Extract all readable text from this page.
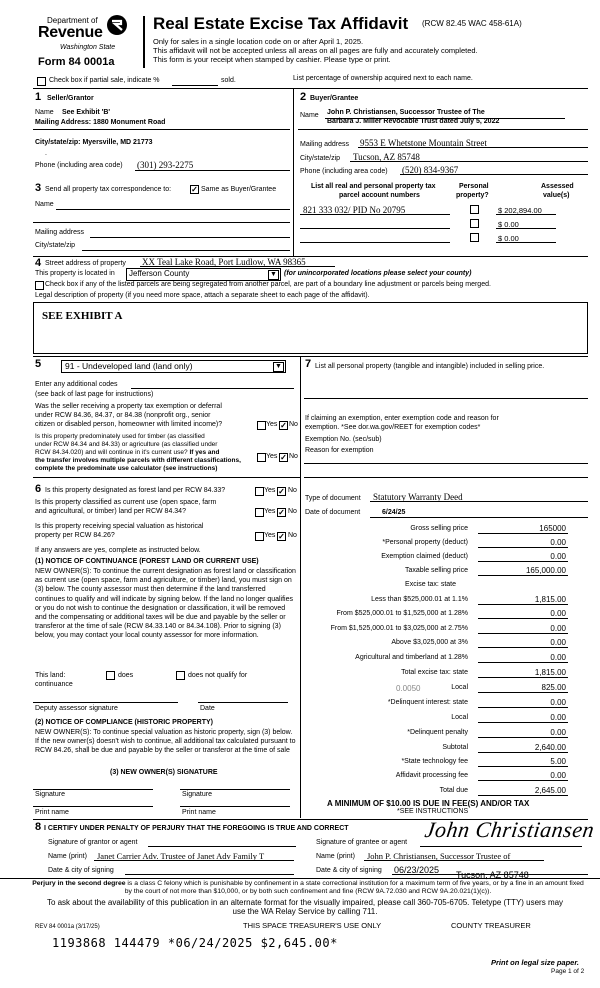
Department of
Revenue
Washington State
Form 84 0001a
Real Estate Excise Tax Affidavit (RCW 82.45 WAC 458-61A)
Only for sales in a single location code on or after April 1, 2025.
This affidavit will not be accepted unless all areas on all pages are fully and accurately completed.
This form is your receipt when stamped by cashier. Please type or print.
Check box if partial sale, indicate %	sold.	List percentage of ownership acquired next to each name.
1 Seller/Grantor
Name See Exhibit 'B'
Mailing Address: 1880 Monument Road
City/state/zip: Myersville, MD 21773
.
Phone (including area code) (301) 293-2275
2 Buyer/Grantee
Name John P. Christiansen, Successor Trustee of The
Barbara J. Miller Revocable Trust dated July 5, 2022
Mailing address 9553 E Whetstone Mountain Street
City/state/zip Tucson, AZ 85748
Phone (including area code) (520) 834-9367
3 Send all property tax correspondence to:	✓ Same as Buyer/Grantee
Name
Mailing address
City/state/zip
List all real and personal property tax
parcel account numbers
Personal
property?
Assessed
value(s)
821 333 032/ PID No 20795	$ 202,894.00
$ 0.00
$ 0.00
4 Street address of property XX Teal Lake Road, Port Ludlow, WA 98365
This property is located in Jefferson County	▼ (for unincorporated locations please select your county)
Check box if any of the listed parcels are being segregated from another parcel, are part of a boundary line adjustment or parcels being merged.
Legal description of property (if you need more space, attach a separate sheet to each page of the affidavit).
SEE EXHIBIT A
5	91 - Undeveloped land (land only)	▼
Enter any additional codes
(see back of last page for instructions)
Was the seller receiving a property tax exemption or deferral
under RCW 84.36, 84.37, or 84.38 (nonprofit org., senior
citizen or disabled person, homeowner with limited income)?	Yes ✓ No
Is this property predominately used for timber (as classified
under RCW 84.34 and 84.33) or agriculture (as classified under
RCW 84.34.020) and will continue in it's current use? If yes and
the transfer involves multiple parcels with different classifications,
complete the predominate use calculator (see instructions)
Yes ✓ No
6 Is this property designated as forest land per RCW 84.33?	Yes ✓ No
Is this property classified as current use (open space, farm
and agricultural, or timber) land per RCW 84.34?	Yes ✓ No
Is this property receiving special valuation as historical
property per RCW 84.26?	Yes ✓ No
If any answers are yes, complete as instructed below.
(1) NOTICE OF CONTINUANCE (FOREST LAND OR CURRENT USE)
NEW OWNER(S): To continue the current designation as forest land or classification as current use (open space, farm and agriculture, or timber) land, you must sign on (3) below. The county assessor must then determine if the land transferred continues to qualify and will indicate by signing below. If the land no longer qualifies or you do not wish to continue the designation or classification, it will be removed and the compensating or additional taxes will be due and payable by the seller or transferor at the time of sale (RCW 84.33.140 or 84.34.108). Prior to signing (3) below, you may contact your local county assessor for more information.
This land:
continuance
does	does not qualify for
Deputy assessor signature	Date
(2) NOTICE OF COMPLIANCE (HISTORIC PROPERTY)
NEW OWNER(S): To continue special valuation as historic property, sign (3) below. If the new owner(s) doesn't wish to continue, all additional tax calculated pursuant to RCW 84.26, shall be due and payable by the seller or transferor at the time of sale
(3) NEW OWNER(S) SIGNATURE
Signature	Signature
Print name	Print name
7 List all personal property (tangible and intangible) included in selling price.
If claiming an exemption, enter exemption code and reason for
exemption. *See dor.wa.gov/REET for exemption codes*
Exemption No. (sec/sub)
Reason for exemption
Type of document Statutory Warranty Deed
Date of document	6/24/25
Gross selling price	165000
*Personal property (deduct)	0.00
Exemption claimed (deduct)	0.00
Taxable selling price	165,000.00
Excise tax: state
Less than $525,000.01 at 1.1%	1,815.00
From $525,000.01 to $1,525,000 at 1.28%	0.00
From $1,525,000.01 to $3,025,000 at 2.75%	0.00
Above $3,025,000 at 3%	0.00
Agricultural and timberland at 1.28%	0.00
Total excise tax: state	1,815.00
Local	825.00
*Delinquent interest: state	0.00
Local	0.00
*Delinquent penalty	0.00
Subtotal	2,640.00
*State technology fee	5.00
Affidavit processing fee	0.00
Total due	2,645.00
0.0050
A MINIMUM OF $10.00 IS DUE IN FEE(S) AND/OR TAX
*SEE INSTRUCTIONS
8 I CERTIFY UNDER PENALTY OF PERJURY THAT THE FOREGOING IS TRUE AND CORRECT
Signature of grantor or agent
Name (print) Janet Carrier Adv. Trustee of Janet Adv Family T
Date & city of signing
Signature of grantee or agent
John Christiansen
Name (print) John P. Christiansen, Successor Trustee of
Date & city of signing 06/23/2025 Tucson, AZ 85748
Perjury in the second degree is a class C felony which is punishable by confinement in a state correctional institution for a maximum term of five years, or by a fine in an amount fixed by the court of not more than $10,000, or by both such confinement and fine (RCW 9A.72.030 and RCW 9A.20.021(1)(c)).
To ask about the availability of this publication in an alternate format for the visually impaired, please call 360-705-6705. Teletype (TTY) users may use the WA Relay Service by calling 711.
REV 84 0001a (3/17/25)	THIS SPACE TREASURER'S USE ONLY	COUNTY TREASURER
1193868 144479 *06/24/2025 $2,645.00*
Print on legal size paper.
Page 1 of 2
